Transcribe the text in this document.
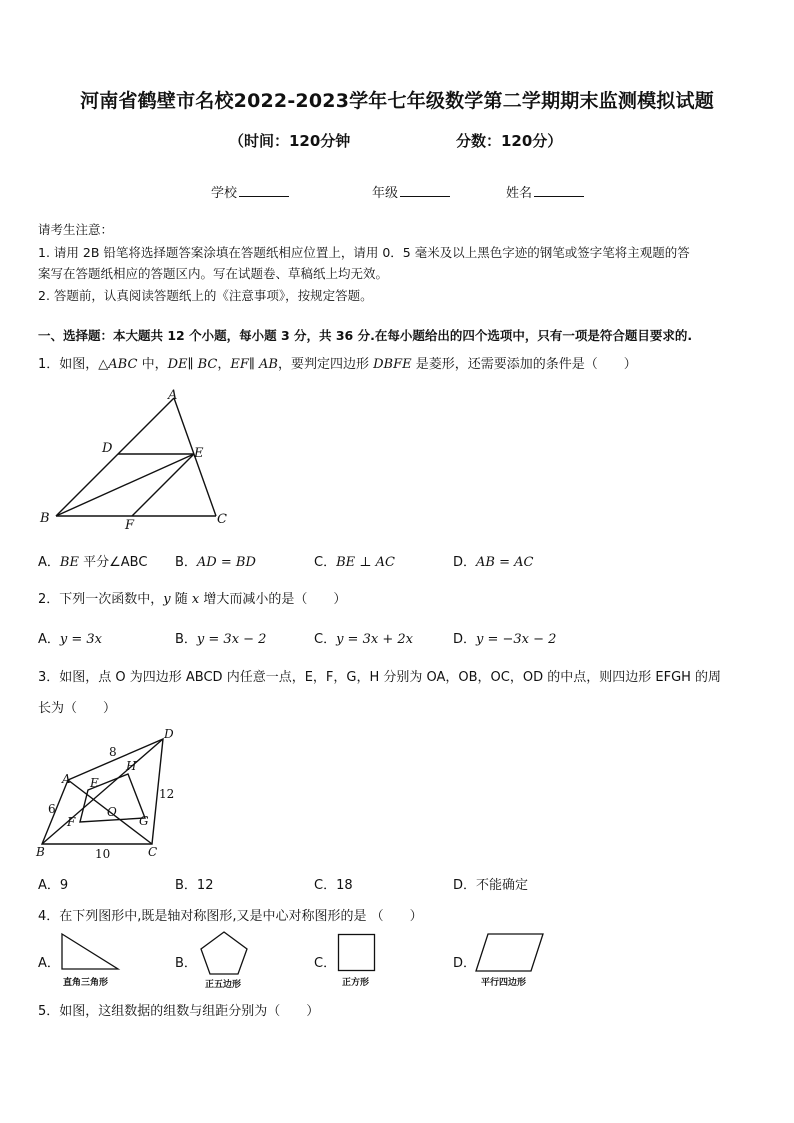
河南省鹤壁市名校2022-2023学年七年级数学第二学期期末监测模拟试题
（时间：120分钟	分数：120分）
学校	年级	姓名
请考生注意：
1. 请用 2B 铅笔将选择题答案涂填在答题纸相应位置上，请用 0．5 毫米及以上黑色字迹的钢笔或签字笔将主观题的答
案写在答题纸相应的答题区内。写在试题卷、草稿纸上均无效。
2. 答题前，认真阅读答题纸上的《注意事项》，按规定答题。
一、选择题：本大题共 12 个小题，每小题 3 分，共 36 分.在每小题给出的四个选项中，只有一项是符合题目要求的.
1．如图，△ABC 中，DE∥ BC，EF∥ AB，要判定四边形 DBFE 是菱形，还需要添加的条件是（　　）
A
B	C
D	E
F
A．BE 平分∠ABC B．AD = BD	C．BE ⊥ AC	D．AB = AC
2．下列一次函数中，y 随 x 增大而减小的是（　　）
A．y = 3x	B．y = 3x − 2	C．y = 3x + 2x	D．y = −3x − 2
3．如图，点 O 为四边形 ABCD 内任意一点，E，F，G，H 分别为 OA，OB，OC，OD 的中点，则四边形 EFGH 的周
长为（　　）
A
B	C
D
E
F	G
H
O
8
6
10
12
A．9	B．12	C．18	D．不能确定
4．在下列图形中,既是轴对称图形,又是中心对称图形的是 （　　）
A．
直角三角形
B．
正五边形
C．
正方形
D．
平行四边形
5．如图，这组数据的组数与组距分别为（　　）
